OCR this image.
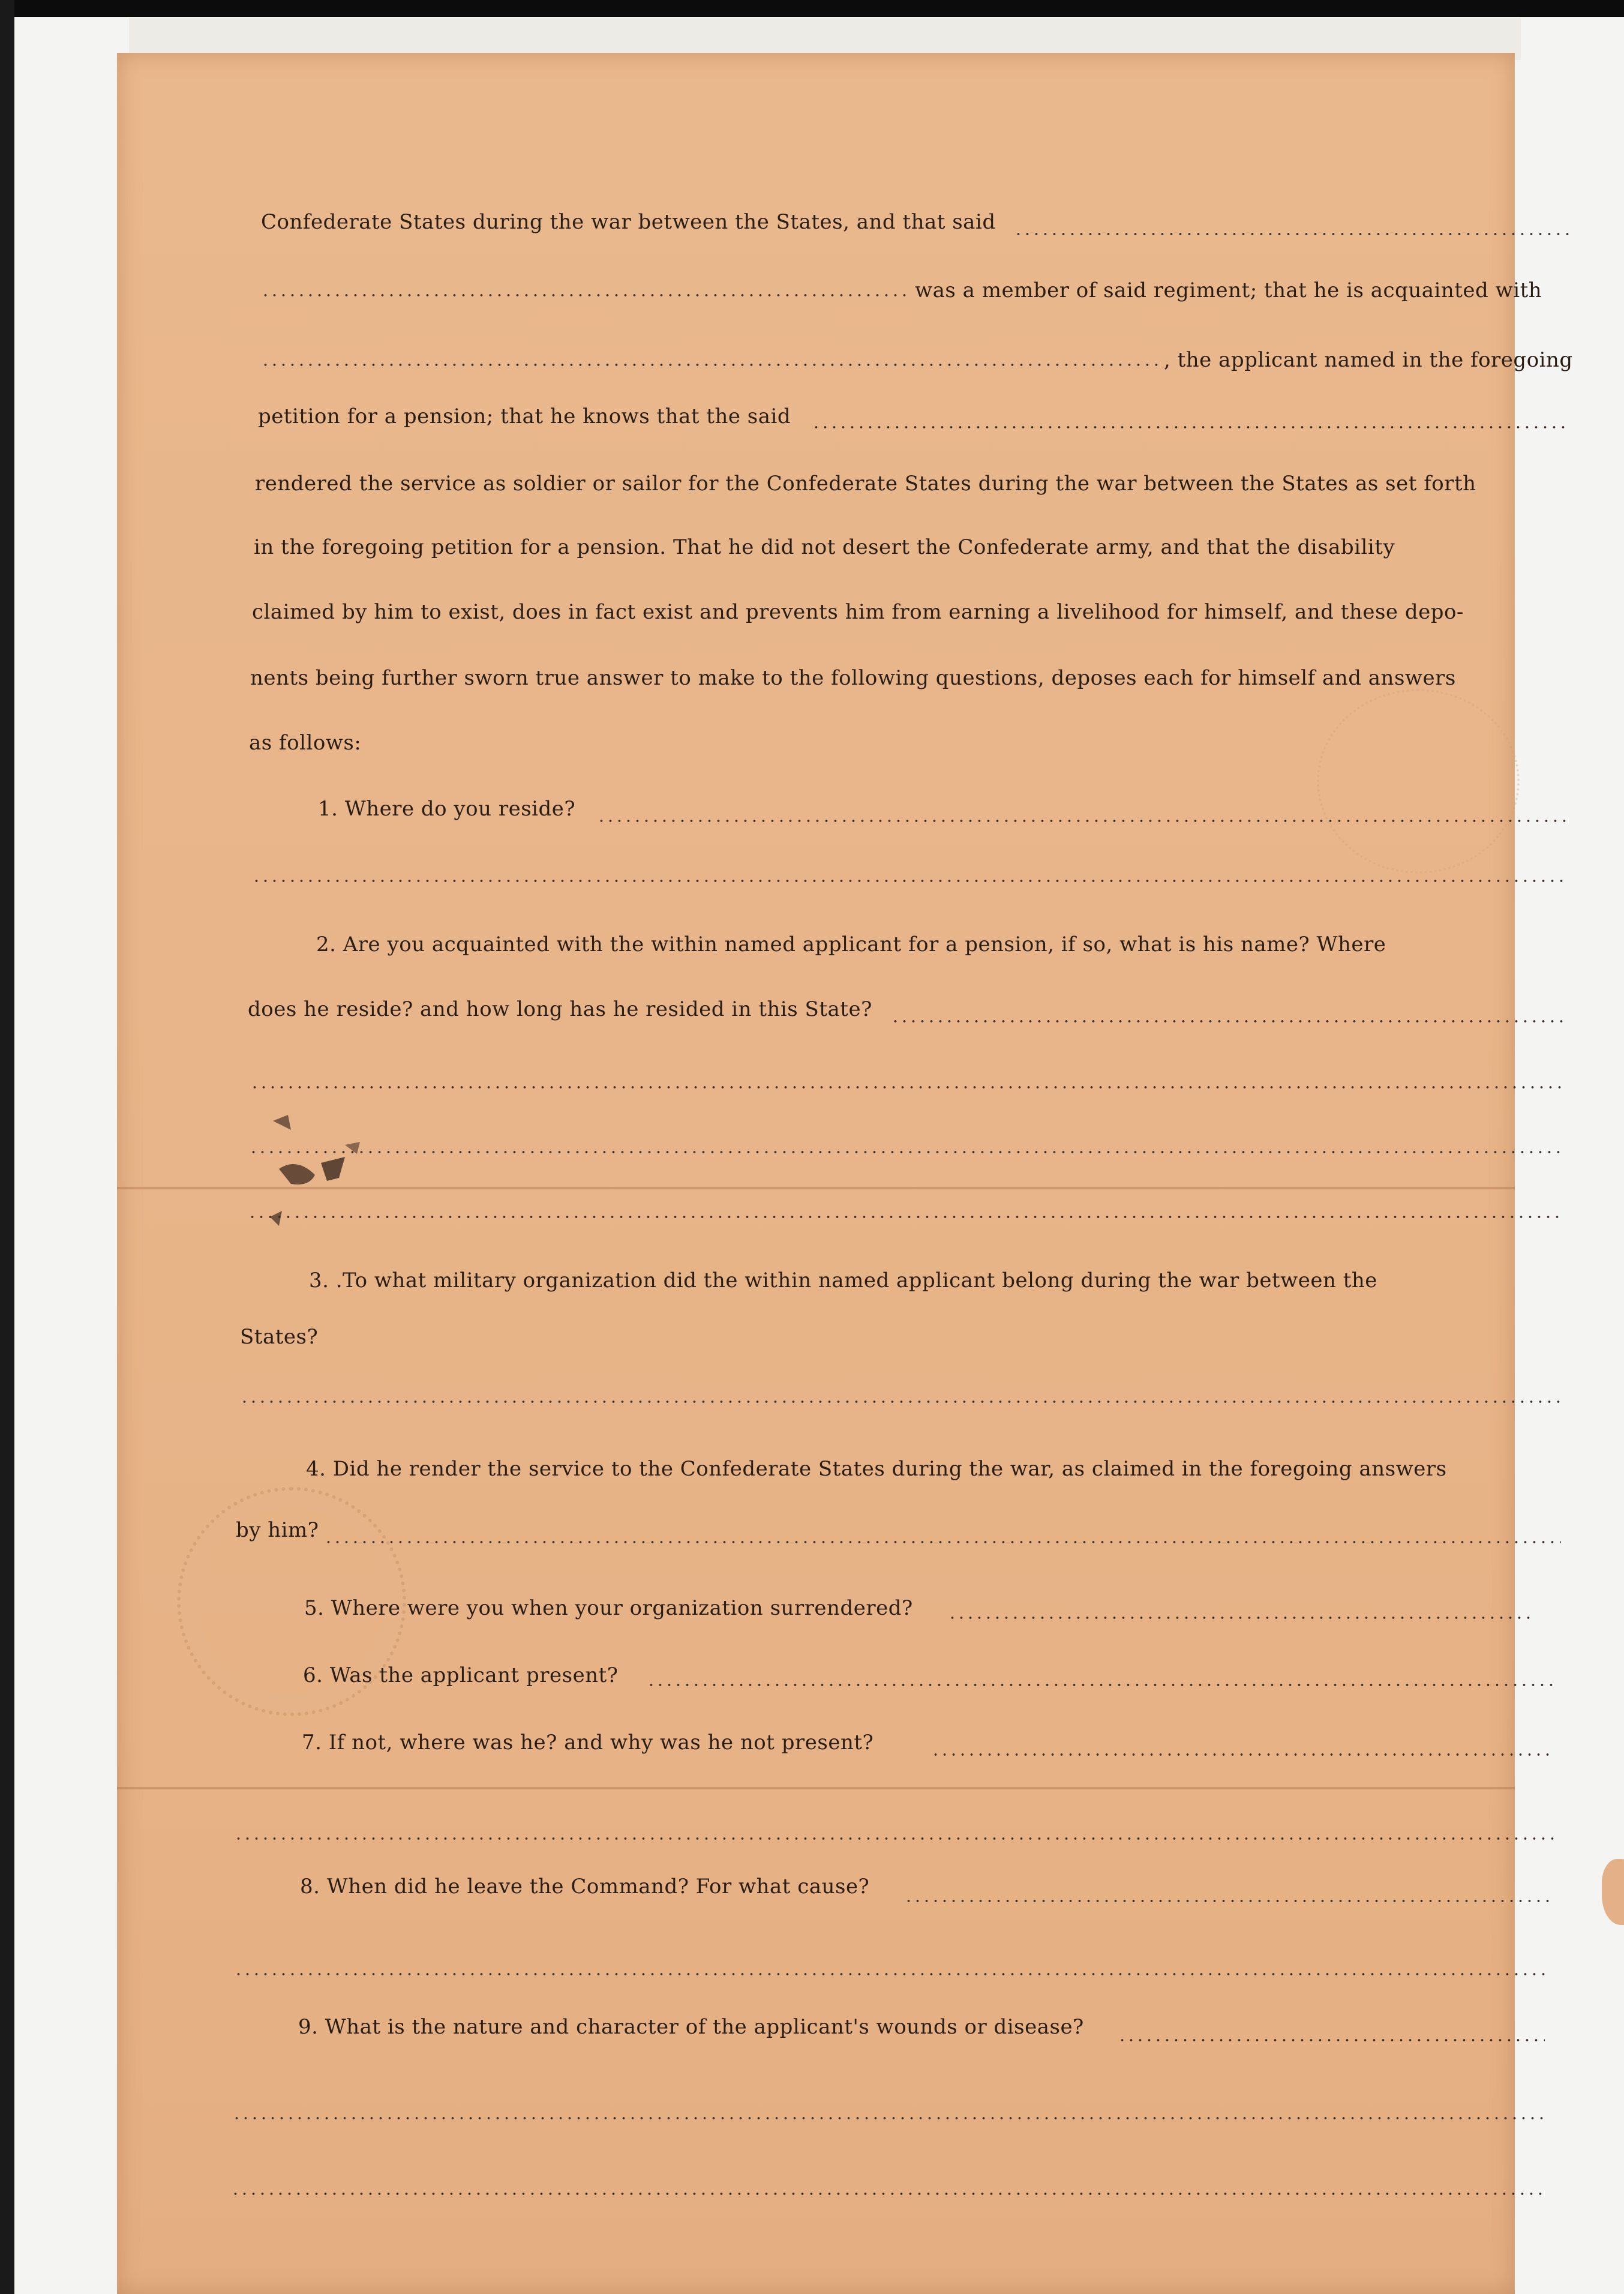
Confederate States during the war between the States, and that said
was a member of said regiment; that he is acquainted with
, the applicant named in the foregoing
petition for a pension; that he knows that the said
rendered the service as soldier or sailor for the Confederate States during the war between the States as set forth
in the foregoing petition for a pension. That he did not desert the Confederate army, and that the disability
claimed by him to exist, does in fact exist and prevents him from earning a livelihood for himself, and these depo-
nents being further sworn true answer to make to the following questions, deposes each for himself and answers
as follows:
1. Where do you reside?
2. Are you acquainted with the within named applicant for a pension, if so, what is his name? Where
does he reside? and how long has he resided in this State?
3. .To what military organization did the within named applicant belong during the war between the
States?
4. Did he render the service to the Confederate States during the war, as claimed in the foregoing answers
by him?
5. Where were you when your organization surrendered?
6. Was the applicant present?
7. If not, where was he? and why was he not present?
8. When did he leave the Command? For what cause?
9. What is the nature and character of the applicant's wounds or disease?
